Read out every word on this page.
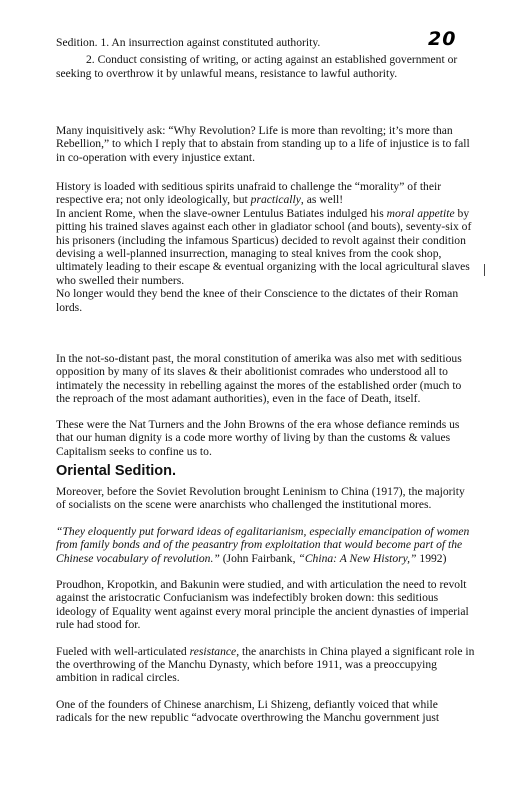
20

Sedition. 1. An insurrection against constituted authority.

2. Conduct consisting of writing, or acting against an established government or seeking to overthrow it by unlawful means, resistance to lawful authority.

Many inquisitively ask: “Why Revolution? Life is more than revolting; it’s more than Rebellion,” to which I reply that to abstain from standing up to a life of injustice is to fall in co-operation with every injustice extant.

History is loaded with seditious spirits unafraid to challenge the “morality” of their respective era; not only ideologically, but practically, as well!

In ancient Rome, when the slave-owner Lentulus Batiates indulged his moral appetite by pitting his trained slaves against each other in gladiator school (and bouts), seventy-six of his prisoners (including the infamous Sparticus) decided to revolt against their condition devising a well-planned insurrection, managing to steal knives from the cook shop, ultimately leading to their escape & eventual organizing with the local agricultural slaves who swelled their numbers.

No longer would they bend the knee of their Conscience to the dictates of their Roman lords.

In the not-so-distant past, the moral constitution of amerika was also met with seditious opposition by many of its slaves & their abolitionist comrades who understood all to intimately the necessity in rebelling against the mores of the established order (much to the reproach of the most adamant authorities), even in the face of Death, itself.

These were the Nat Turners and the John Browns of the era whose defiance reminds us that our human dignity is a code more worthy of living by than the customs & values Capitalism seeks to confine us to.

Oriental Sedition.

Moreover, before the Soviet Revolution brought Leninism to China (1917), the majority of socialists on the scene were anarchists who challenged the institutional mores.

“They eloquently put forward ideas of egalitarianism, especially emancipation of women from family bonds and of the peasantry from exploitation that would become part of the Chinese vocabulary of revolution.” (John Fairbank, “China: A New History,” 1992)

Proudhon, Kropotkin, and Bakunin were studied, and with articulation the need to revolt against the aristocratic Confucianism was indefectibly broken down: this seditious ideology of Equality went against every moral principle the ancient dynasties of imperial rule had stood for.

Fueled with well-articulated resistance, the anarchists in China played a significant role in the overthrowing of the Manchu Dynasty, which before 1911, was a preoccupying ambition in radical circles.

One of the founders of Chinese anarchism, Li Shizeng, defiantly voiced that while radicals for the new republic “advocate overthrowing the Manchu government just
